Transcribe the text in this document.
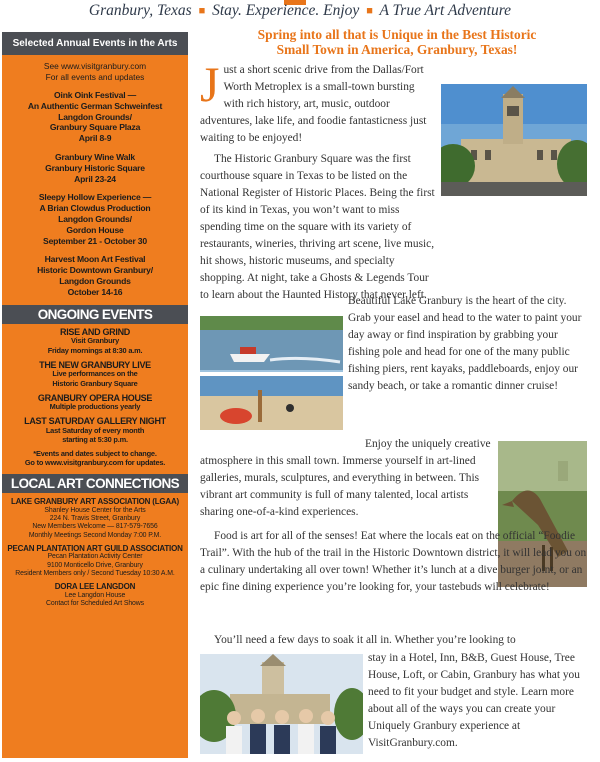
Granbury, Texas ■ Stay. Experience. Enjoy ■ A True Art Adventure
Selected Annual Events in the Arts
See www.visitgranbury.com
For all events and updates
Oink Oink Festival —
An Authentic German Schweinfest
Langdon Grounds/
Granbury Square Plaza
April 8-9
Granbury Wine Walk
Granbury Historic Square
April 23-24
Sleepy Hollow Experience —
A Brian Clowdus Production
Langdon Grounds/
Gordon House
September 21 - October 30
Harvest Moon Art Festival
Historic Downtown Granbury/
Langdon Grounds
October 14-16
ONGOING EVENTS
RISE AND GRIND
Visit Granbury
Friday mornings at 8:30 a.m.
THE NEW GRANBURY LIVE
Live performances on the
Historic Granbury Square
GRANBURY OPERA HOUSE
Multiple productions yearly
LAST SATURDAY GALLERY NIGHT
Last Saturday of every month
starting at 5:30 p.m.
*Events and dates subject to change.
Go to www.visitgranbury.com for updates.
LOCAL ART CONNECTIONS
LAKE GRANBURY ART ASSOCIATION (LGAA)
Shanley House Center for the Arts
224 N. Travis Street, Granbury
New Members Welcome — 817-579-7656
Monthly Meetings Second Monday 7:00 P.M.
PECAN PLANTATION ART GUILD ASSOCIATION
Pecan Plantation Activity Center
9100 Monticello Drive, Granbury
Resident Members only / Second Tuesday 10:30 A.M.
DORA LEE LANGDON
Lee Langdon House
Contact for Scheduled Art Shows
Spring into all that is Unique in the Best Historic
Small Town in America, Granbury, Texas!
Just a short scenic drive from the Dallas/Fort Worth Metroplex is a small-town bursting with rich history, art, music, outdoor adventures, lake life, and foodie fantasticness just waiting to be enjoyed!
The Historic Granbury Square was the first courthouse square in Texas to be listed on the National Register of Historic Places. Being the first of its kind in Texas, you won’t want to miss spending time on the square with its variety of restaurants, wineries, thriving art scene, live music, hit shows, historic museums, and specialty shopping. At night, take a Ghosts & Legends Tour to learn about the Haunted History that never left.
Beautiful Lake Granbury is the heart of the city. Grab your easel and head to the water to paint your day away or find inspiration by grabbing your fishing pole and head for one of the many public fishing piers, rent kayaks, paddleboards, enjoy our sandy beach, or take a romantic dinner cruise!
Enjoy the uniquely creative atmosphere in this small town. Immerse yourself in art-lined galleries, murals, sculptures, and everything in between. This vibrant art community is full of many talented, local artists sharing one-of-a-kind experiences.
Food is art for all of the senses! Eat where the locals eat on the official “Foodie Trail”. With the hub of the trail in the Historic Downtown district, it will lead you on a culinary undertaking all over town! Whether it’s lunch at a dive burger joint, or an epic fine dining experience you’re looking for, your tastebuds will celebrate!
You’ll need a few days to soak it all in. Whether you’re looking to
stay in a Hotel, Inn, B&B, Guest House, Tree House, Loft, or Cabin, Granbury has what you need to fit your budget and style. Learn more about all of the ways you can create your Uniquely Granbury experience at VisitGranbury.com.
